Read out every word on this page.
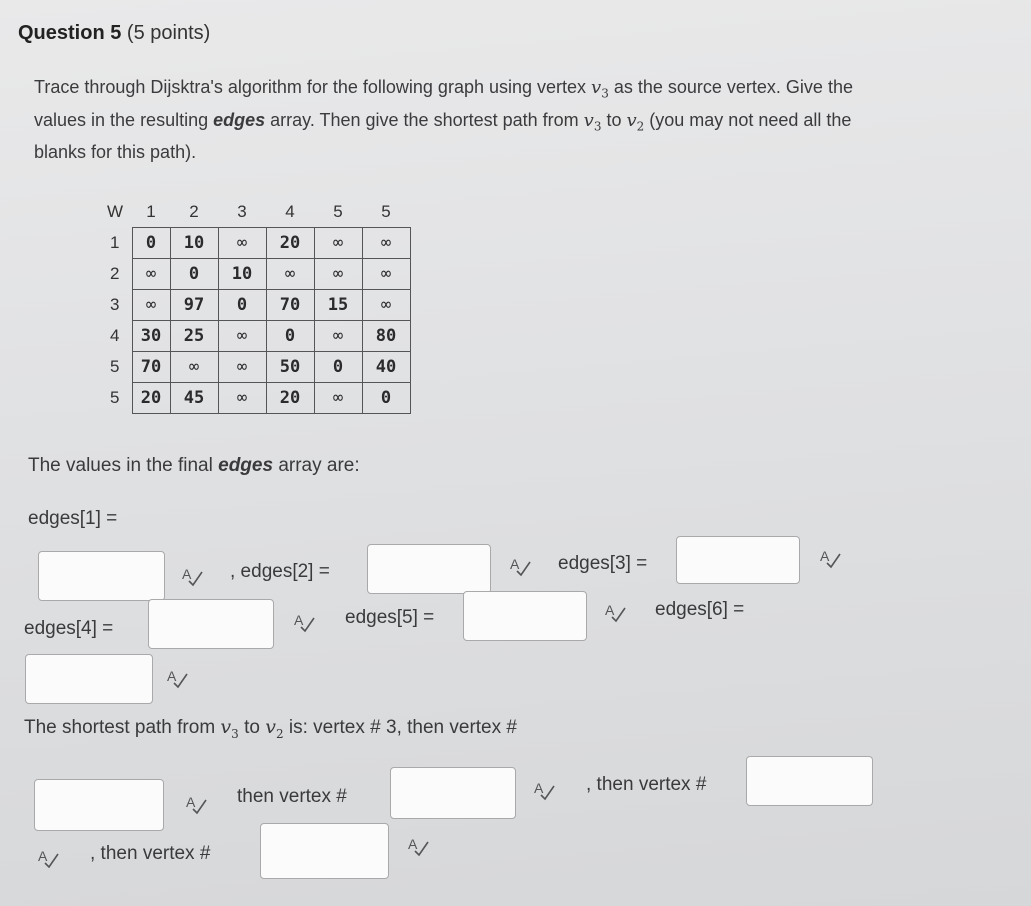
Question 5 (5 points)
Trace through Dijsktra's algorithm for the following graph using vertex $v_3$ as the source vertex. Give the values in the resulting edges array. Then give the shortest path from $v_3$ to $v_2$ (you may not need all the blanks for this path).
W	1	2	3	4	5	5
1	0	10	∞	20	∞	∞
2	∞	0	10	∞	∞	∞
3	∞	97	0	70	15	∞
4	30	25	∞	0	∞	80
5	70	∞	∞	50	0	40
5	20	45	∞	20	∞	0
The values in the final edges array are:
edges[1] =
A , edges[2] =	A edges[3] =	A
edges[4] =	A edges[5] =	A edges[6] =
A
The shortest path from $v_3$ to $v_2$ is: vertex # 3, then vertex #
A then vertex #	A , then vertex #
A , then vertex #	A
